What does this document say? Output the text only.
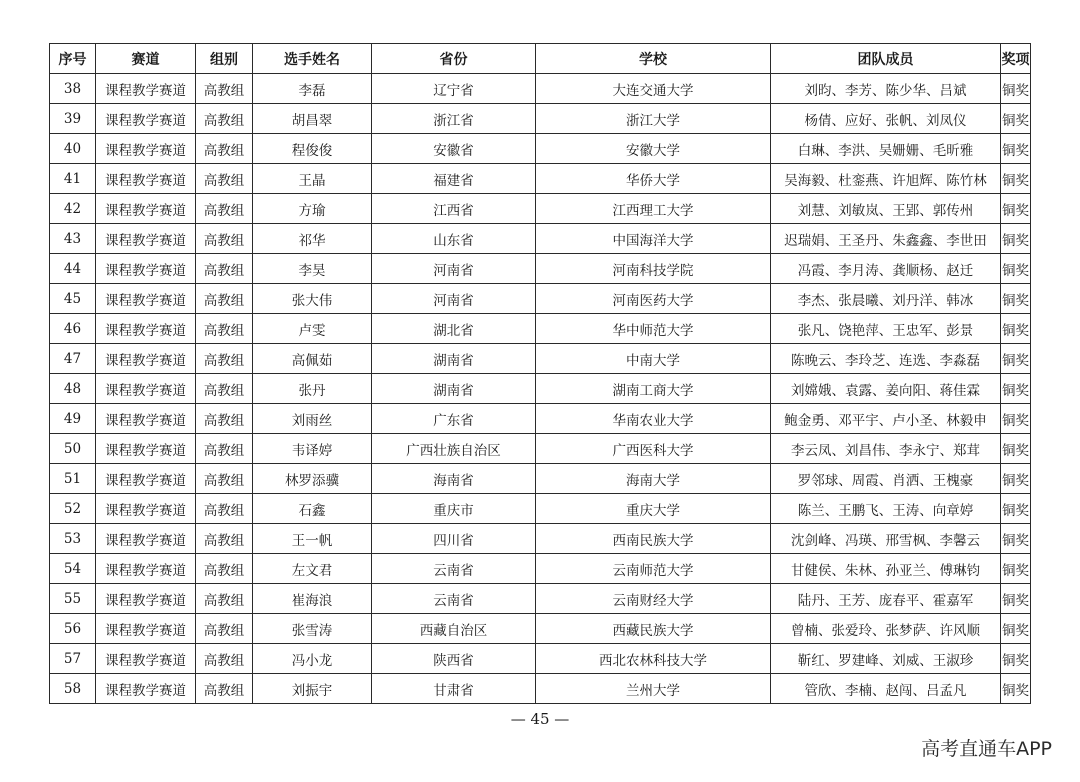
序号	赛道	组别	选手姓名	省份	学校	团队成员	奖项
38	课程教学赛道	高教组	李磊	辽宁省	大连交通大学	刘昀、李芳、陈少华、吕斌	铜奖
39	课程教学赛道	高教组	胡昌翠	浙江省	浙江大学	杨倩、应好、张帆、刘凤仪	铜奖
40	课程教学赛道	高教组	程俊俊	安徽省	安徽大学	白琳、李洪、吴姗姗、毛昕雅	铜奖
41	课程教学赛道	高教组	王晶	福建省	华侨大学	吴海毅、杜銮燕、许旭辉、陈竹林	铜奖
42	课程教学赛道	高教组	方瑜	江西省	江西理工大学	刘慧、刘敏岚、王郢、郭传州	铜奖
43	课程教学赛道	高教组	祁华	山东省	中国海洋大学	迟瑞娟、王圣丹、朱鑫鑫、李世田	铜奖
44	课程教学赛道	高教组	李昊	河南省	河南科技学院	冯霞、李月涛、龚顺杨、赵迁	铜奖
45	课程教学赛道	高教组	张大伟	河南省	河南医药大学	李杰、张晨曦、刘丹洋、韩冰	铜奖
46	课程教学赛道	高教组	卢雯	湖北省	华中师范大学	张凡、饶艳萍、王忠军、彭景	铜奖
47	课程教学赛道	高教组	高佩茹	湖南省	中南大学	陈晚云、李玲芝、连选、李淼磊	铜奖
48	课程教学赛道	高教组	张丹	湖南省	湖南工商大学	刘嫦娥、袁露、姜向阳、蒋佳霖	铜奖
49	课程教学赛道	高教组	刘雨丝	广东省	华南农业大学	鲍金勇、邓平宇、卢小圣、林毅申	铜奖
50	课程教学赛道	高教组	韦译婷	广西壮族自治区	广西医科大学	李云凤、刘昌伟、李永宁、郑茸	铜奖
51	课程教学赛道	高教组	林罗添骥	海南省	海南大学	罗邻球、周霞、肖洒、王槐豪	铜奖
52	课程教学赛道	高教组	石鑫	重庆市	重庆大学	陈兰、王鹏飞、王涛、向章婷	铜奖
53	课程教学赛道	高教组	王一帆	四川省	西南民族大学	沈剑峰、冯瑛、邢雪枫、李馨云	铜奖
54	课程教学赛道	高教组	左文君	云南省	云南师范大学	甘健侯、朱林、孙亚兰、傅琳钧	铜奖
55	课程教学赛道	高教组	崔海浪	云南省	云南财经大学	陆丹、王芳、庞春平、霍嘉军	铜奖
56	课程教学赛道	高教组	张雪涛	西藏自治区	西藏民族大学	曾楠、张爱玲、张梦萨、许风顺	铜奖
57	课程教学赛道	高教组	冯小龙	陕西省	西北农林科技大学	靳红、罗建峰、刘威、王淑珍	铜奖
58	课程教学赛道	高教组	刘振宇	甘肃省	兰州大学	管欣、李楠、赵闯、吕孟凡	铜奖
— 45 —
高考直通车APP
